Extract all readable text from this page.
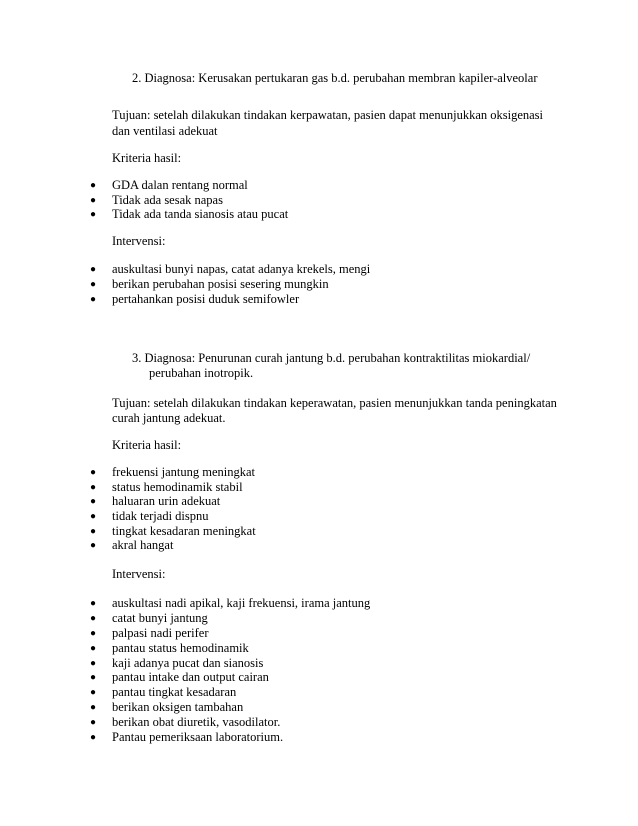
2. Diagnosa: Kerusakan pertukaran gas b.d. perubahan membran kapiler-alveolar
Tujuan: setelah dilakukan tindakan kerpawatan, pasien dapat menunjukkan oksigenasi
dan ventilasi adekuat
Kriteria hasil:
● GDA dalan rentang normal
● Tidak ada sesak napas
● Tidak ada tanda sianosis atau pucat
Intervensi:
● auskultasi bunyi napas, catat adanya krekels, mengi
● berikan perubahan posisi sesering mungkin
● pertahankan posisi duduk semifowler
3. Diagnosa: Penurunan curah jantung b.d. perubahan kontraktilitas miokardial/
perubahan inotropik.
Tujuan: setelah dilakukan tindakan keperawatan, pasien menunjukkan tanda peningkatan
curah jantung adekuat.
Kriteria hasil:
● frekuensi jantung meningkat
● status hemodinamik stabil
● haluaran urin adekuat
● tidak terjadi dispnu
● tingkat kesadaran meningkat
● akral hangat
Intervensi:
● auskultasi nadi apikal, kaji frekuensi, irama jantung
● catat bunyi jantung
● palpasi nadi perifer
● pantau status hemodinamik
● kaji adanya pucat dan sianosis
● pantau intake dan output cairan
● pantau tingkat kesadaran
● berikan oksigen tambahan
● berikan obat diuretik, vasodilator.
● Pantau pemeriksaan laboratorium.
